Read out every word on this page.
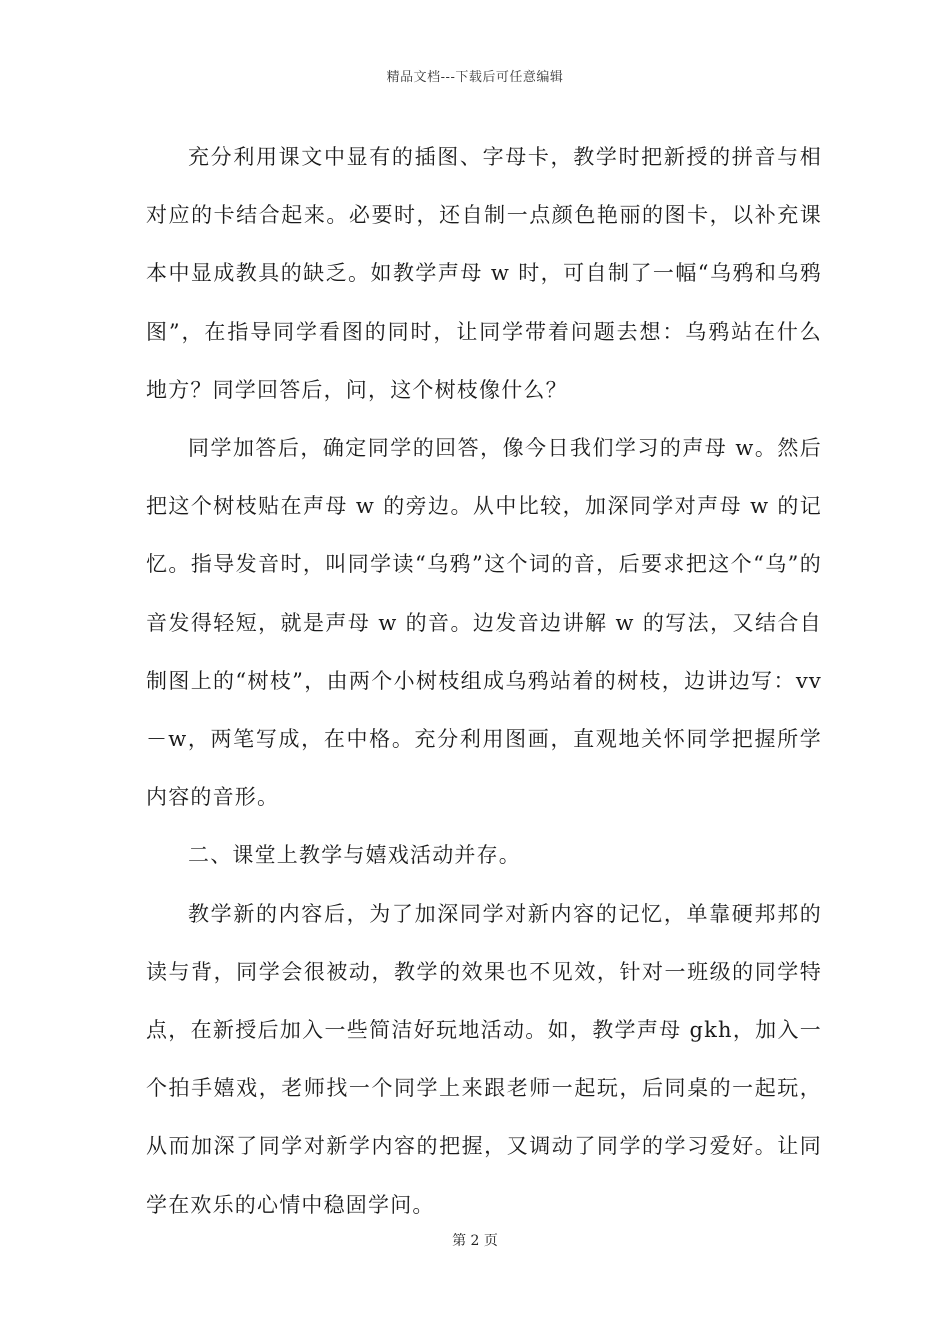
精品文档---下载后可任意编辑

充分利用课文中显有的插图、字母卡，教学时把新授的拼音与相对应的卡结合起来。必要时，还自制一点颜色艳丽的图卡，以补充课本中显成教具的缺乏。如教学声母 w 时，可自制了一幅“乌鸦和乌鸦图”，在指导同学看图的同时，让同学带着问题去想：乌鸦站在什么地方？同学回答后，问，这个树枝像什么？

同学加答后，确定同学的回答，像今日我们学习的声母 w。然后把这个树枝贴在声母 w 的旁边。从中比较，加深同学对声母 w 的记忆。指导发音时，叫同学读“乌鸦”这个词的音，后要求把这个“乌”的音发得轻短，就是声母 w 的音。边发音边讲解 w 的写法，又结合自制图上的“树枝”，由两个小树枝组成乌鸦站着的树枝，边讲边写：vv－w，两笔写成，在中格。充分利用图画，直观地关怀同学把握所学内容的音形。

二、课堂上教学与嬉戏活动并存。

教学新的内容后，为了加深同学对新内容的记忆，单靠硬邦邦的读与背，同学会很被动，教学的效果也不见效，针对一班级的同学特点，在新授后加入一些简洁好玩地活动。如，教学声母 gkh，加入一个拍手嬉戏，老师找一个同学上来跟老师一起玩，后同桌的一起玩，从而加深了同学对新学内容的把握，又调动了同学的学习爱好。让同学在欢乐的心情中稳固学问。

第 2 页
